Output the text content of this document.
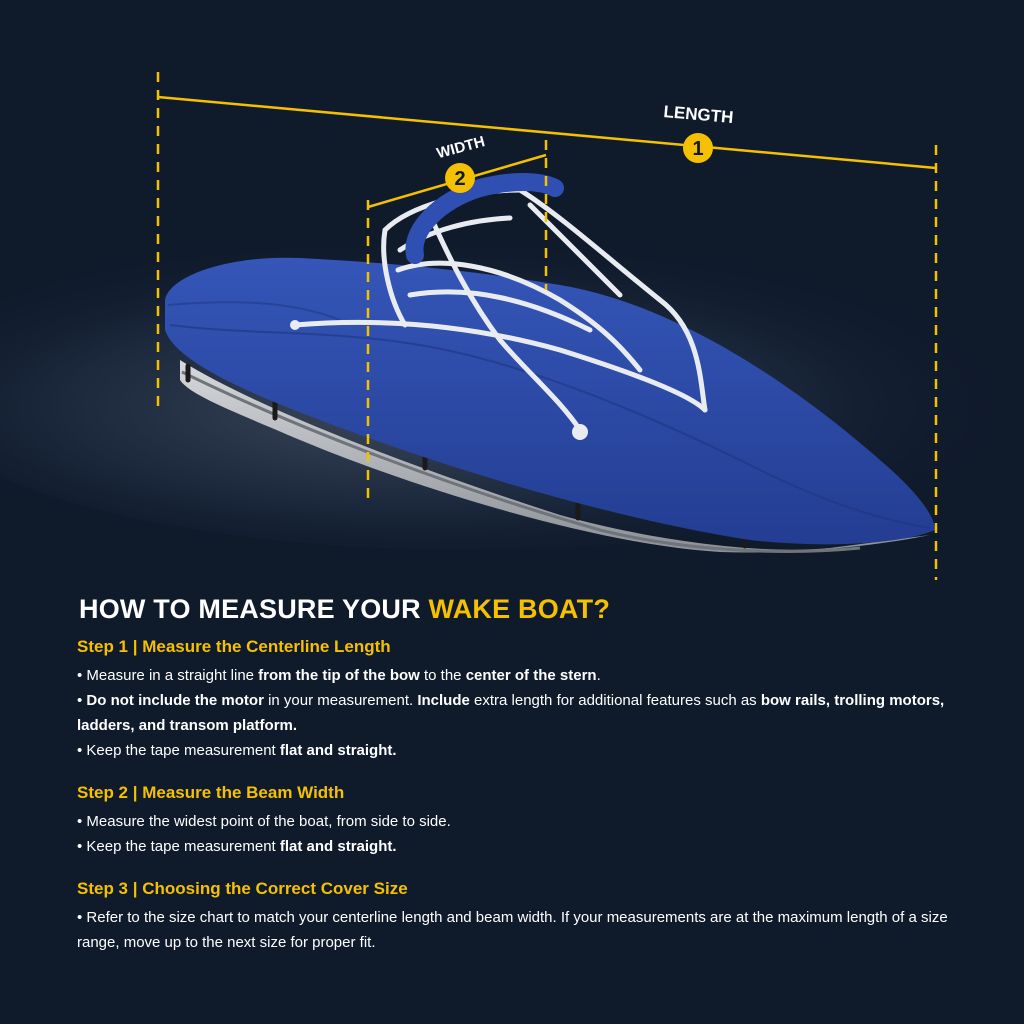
1
LENGTH
2
WIDTH
HOW TO MEASURE YOUR WAKE BOAT?
Step 1 | Measure the Centerline Length

• Measure in a straight line from the tip of the bow to the center of the stern.

• Do not include the motor in your measurement. Include extra length for additional features such as bow rails, trolling motors, ladders, and transom platform.

• Keep the tape measurement flat and straight.

Step 2 | Measure the Beam Width

• Measure the widest point of the boat, from side to side.

• Keep the tape measurement flat and straight.

Step 3 | Choosing the Correct Cover Size

• Refer to the size chart to match your centerline length and beam width. If your measurements are at the maximum length of a size range, move up to the next size for proper fit.
